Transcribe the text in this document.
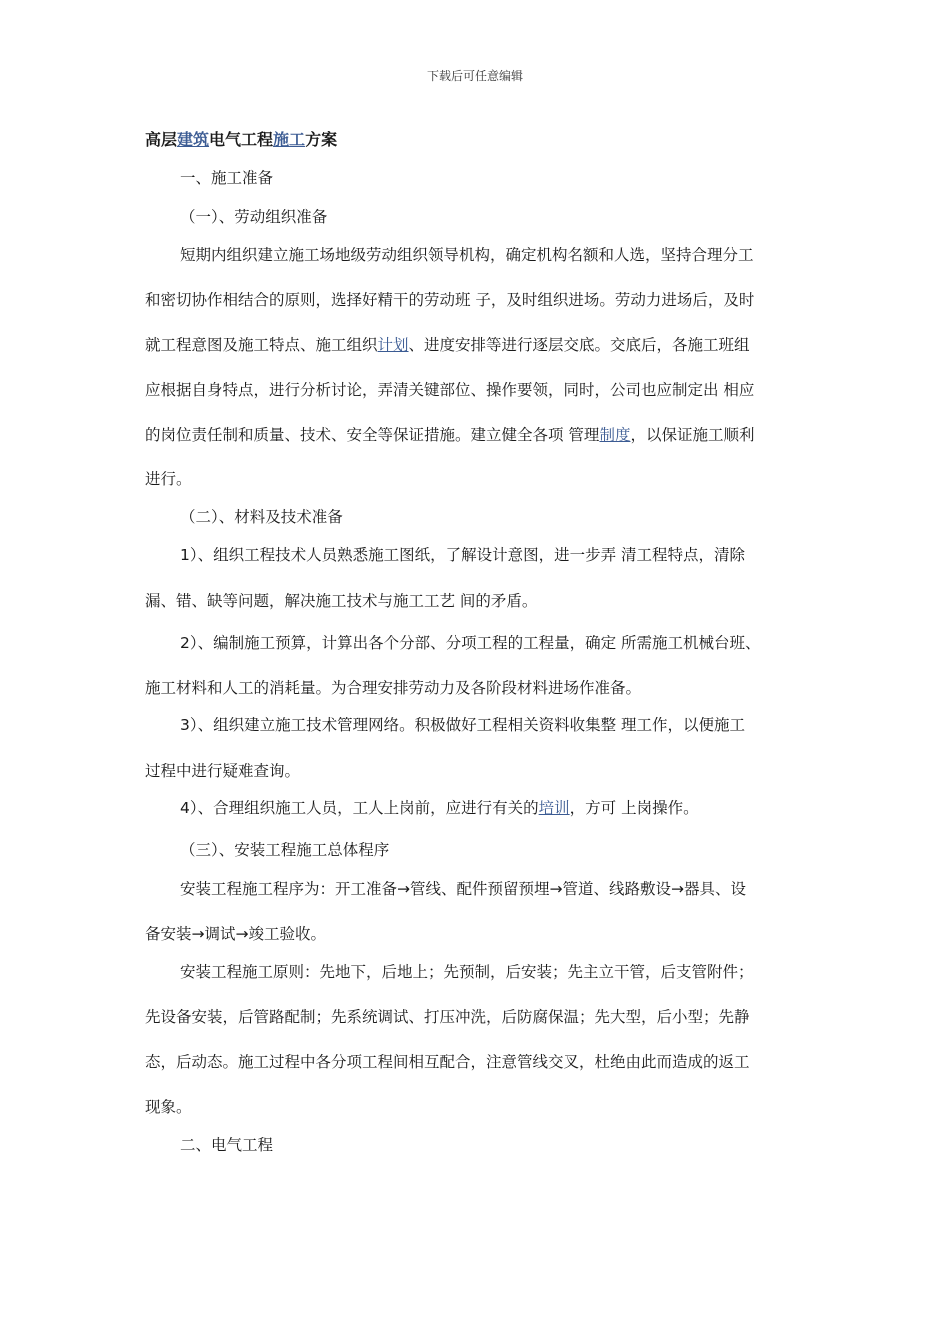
下载后可任意编辑
高层建筑电气工程施工方案
一、施工准备
（一）、劳动组织准备
短期内组织建立施工场地级劳动组织领导机构，确定机构名额和人选，坚持合理分工
和密切协作相结合的原则，选择好精干的劳动班 子，及时组织进场。劳动力进场后，及时
就工程意图及施工特点、施工组织计划、进度安排等进行逐层交底。交底后，各施工班组
应根据自身特点，进行分析讨论，弄清关键部位、操作要领，同时，公司也应制定出 相应
的岗位责任制和质量、技术、安全等保证措施。建立健全各项 管理制度，以保证施工顺利
进行。
（二）、材料及技术准备
1）、组织工程技术人员熟悉施工图纸，了解设计意图，进一步弄 清工程特点，清除
漏、错、缺等问题，解决施工技术与施工工艺 间的矛盾。
2）、编制施工预算，计算出各个分部、分项工程的工程量，确定 所需施工机械台班、
施工材料和人工的消耗量。为合理安排劳动力及各阶段材料进场作准备。
3）、组织建立施工技术管理网络。积极做好工程相关资料收集整 理工作，以便施工
过程中进行疑难查询。
4）、合理组织施工人员，工人上岗前，应进行有关的培训，方可 上岗操作。
（三）、安装工程施工总体程序
安装工程施工程序为：开工准备→管线、配件预留预埋→管道、线路敷设→器具、设
备安装→调试→竣工验收。
安装工程施工原则：先地下，后地上；先预制，后安装；先主立干管，后支管附件；
先设备安装，后管路配制；先系统调试、打压冲洗，后防腐保温；先大型，后小型；先静
态，后动态。施工过程中各分项工程间相互配合，注意管线交叉，杜绝由此而造成的返工
现象。
二、电气工程
